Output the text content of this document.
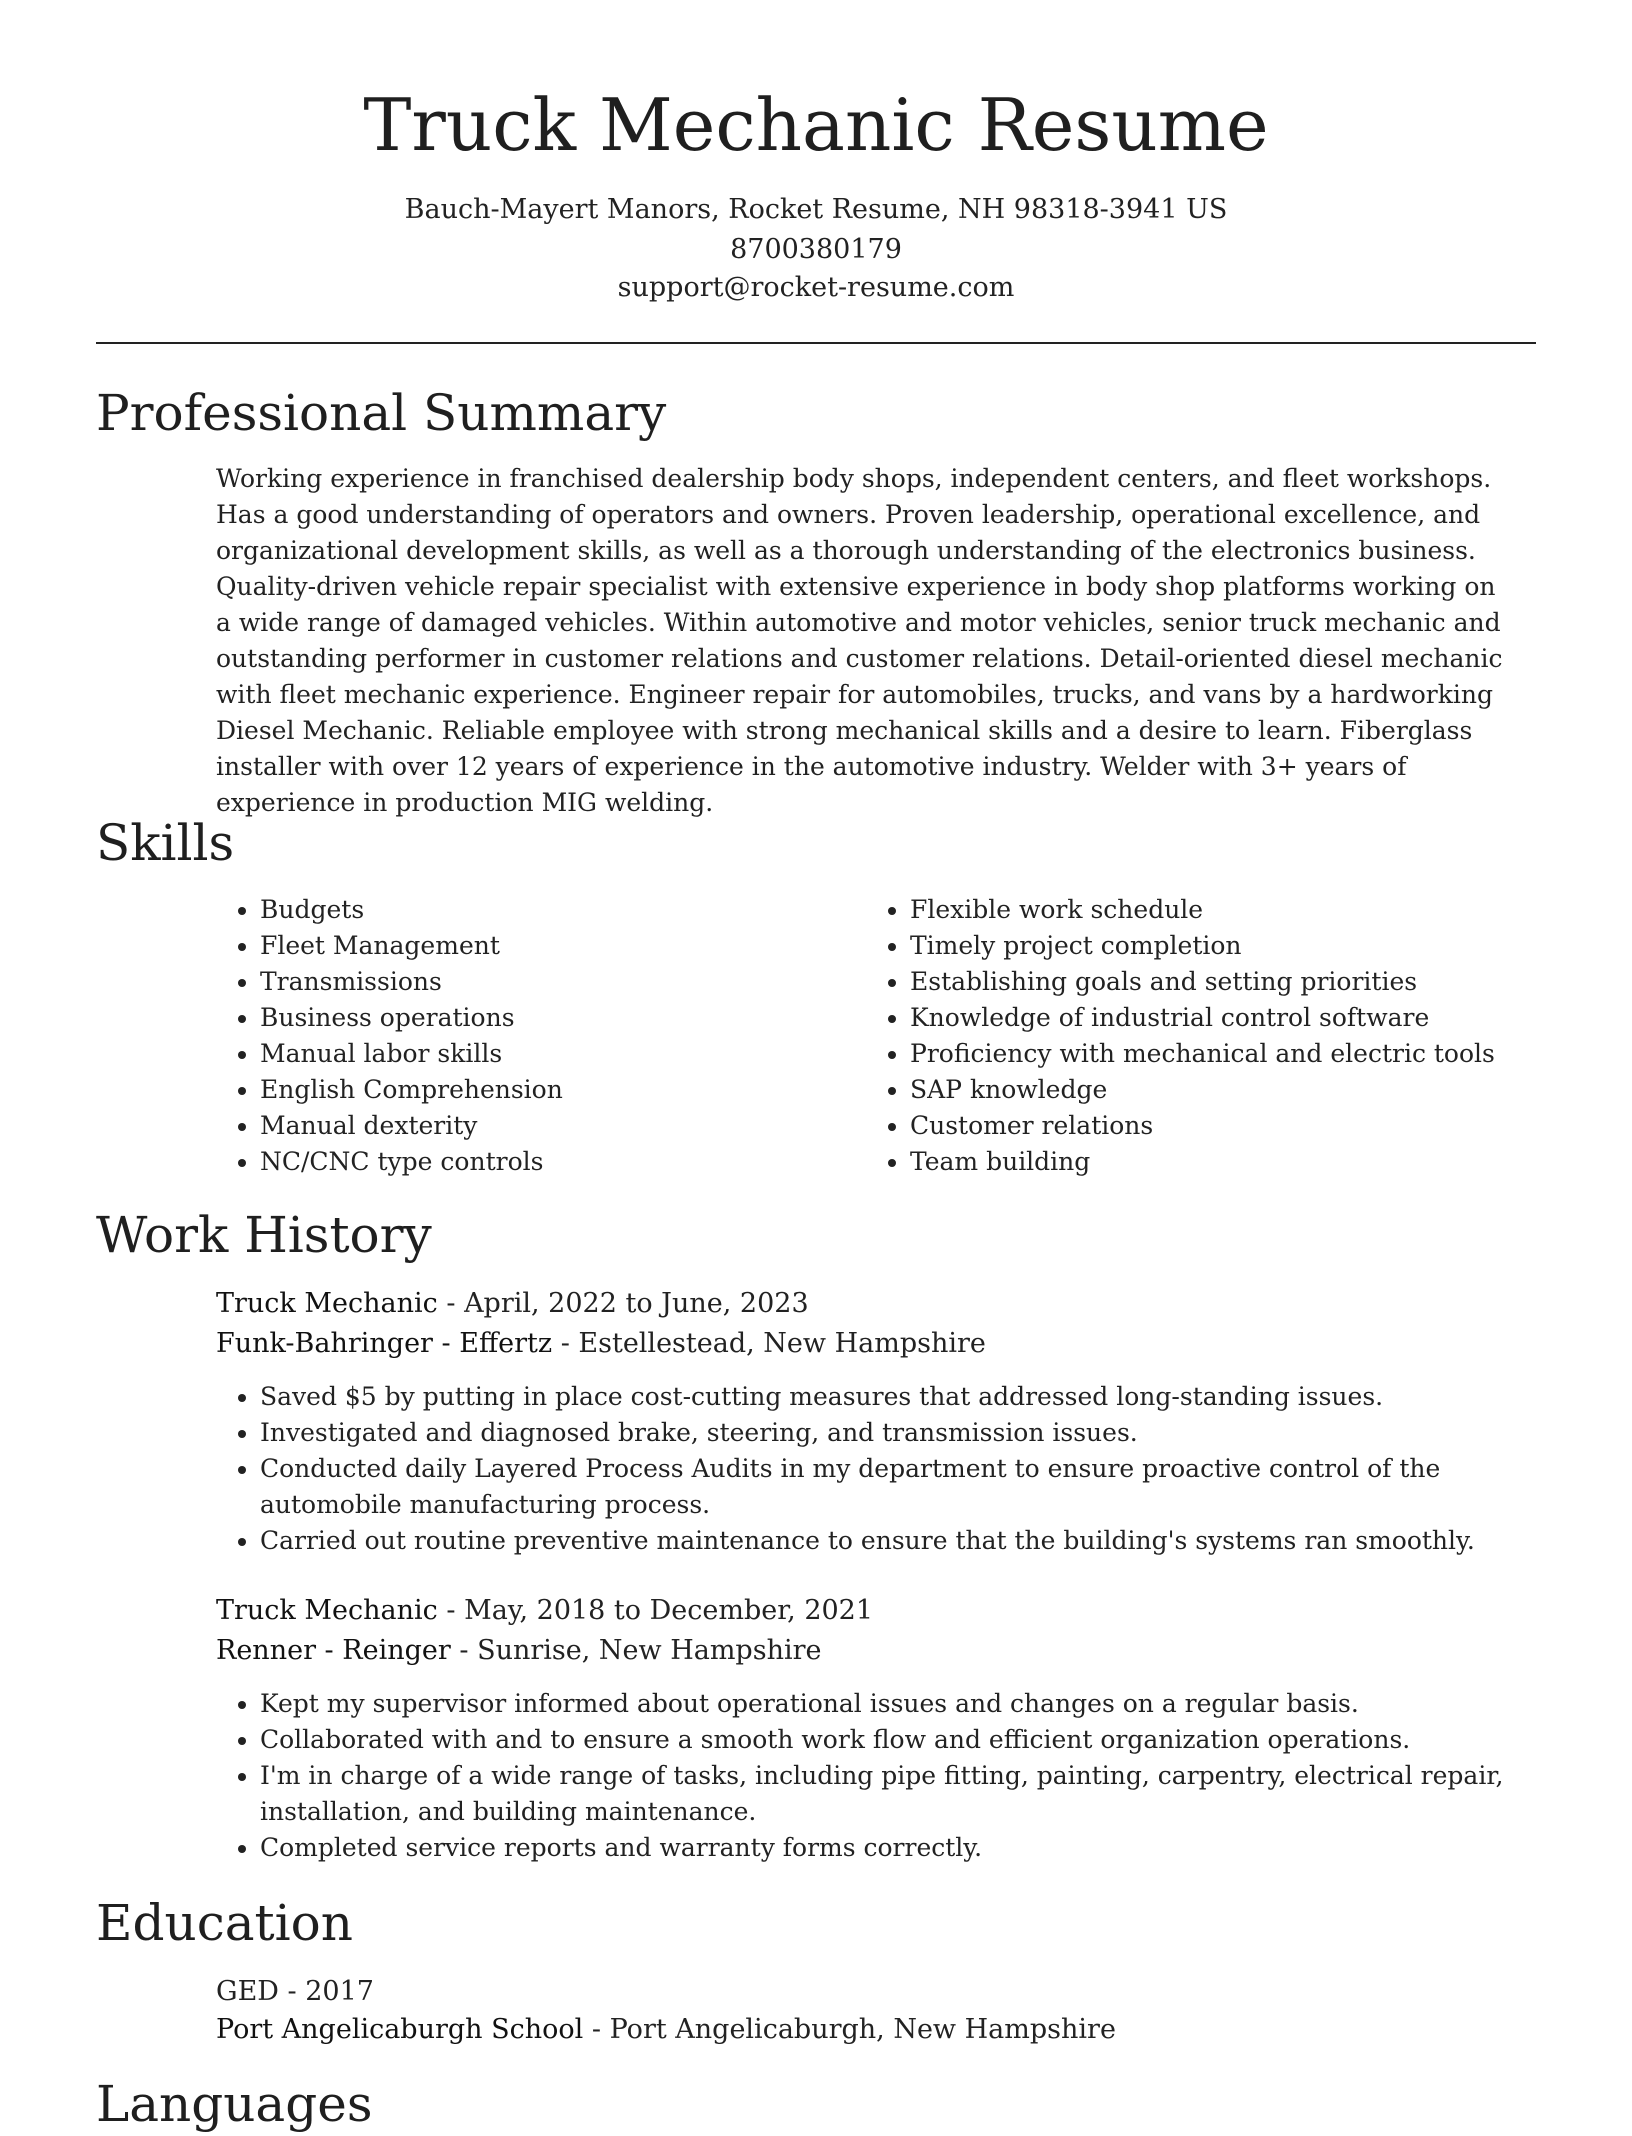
Truck Mechanic Resume
Bauch-Mayert Manors, Rocket Resume, NH 98318-3941 US
8700380179
support@rocket-resume.com
Professional Summary

Working experience in franchised dealership body shops, independent centers, and fleet workshops. Has a good understanding of operators and owners. Proven leadership, operational excellence, and organizational development skills, as well as a thorough understanding of the electronics business. Quality-driven vehicle repair specialist with extensive experience in body shop platforms working on a wide range of damaged vehicles. Within automotive and motor vehicles, senior truck mechanic and outstanding performer in customer relations and customer relations. Detail-oriented diesel mechanic with fleet mechanic experience. Engineer repair for automobiles, trucks, and vans by a hardworking Diesel Mechanic. Reliable employee with strong mechanical skills and a desire to learn. Fiberglass installer with over 12 years of experience in the automotive industry. Welder with 3+ years of experience in production MIG welding.

Skills
• Budgets
• Fleet Management
• Transmissions
• Business operations
• Manual labor skills
• English Comprehension
• Manual dexterity
• NC/CNC type controls
• Flexible work schedule
• Timely project completion
• Establishing goals and setting priorities
• Knowledge of industrial control software
• Proficiency with mechanical and electric tools
• SAP knowledge
• Customer relations
• Team building
Work History
Truck Mechanic - April, 2022 to June, 2023
Funk-Bahringer - Effertz - Estellestead, New Hampshire
• Saved $5 by putting in place cost-cutting measures that addressed long-standing issues.
• Investigated and diagnosed brake, steering, and transmission issues.
• Conducted daily Layered Process Audits in my department to ensure proactive control of the automobile manufacturing process.
• Carried out routine preventive maintenance to ensure that the building's systems ran smoothly.
Truck Mechanic - May, 2018 to December, 2021
Renner - Reinger - Sunrise, New Hampshire
• Kept my supervisor informed about operational issues and changes on a regular basis.
• Collaborated with and to ensure a smooth work flow and efficient organization operations.
• I'm in charge of a wide range of tasks, including pipe fitting, painting, carpentry, electrical repair, installation, and building maintenance.
• Completed service reports and warranty forms correctly.
Education
GED - 2017
Port Angelicaburgh School - Port Angelicaburgh, New Hampshire
Languages
